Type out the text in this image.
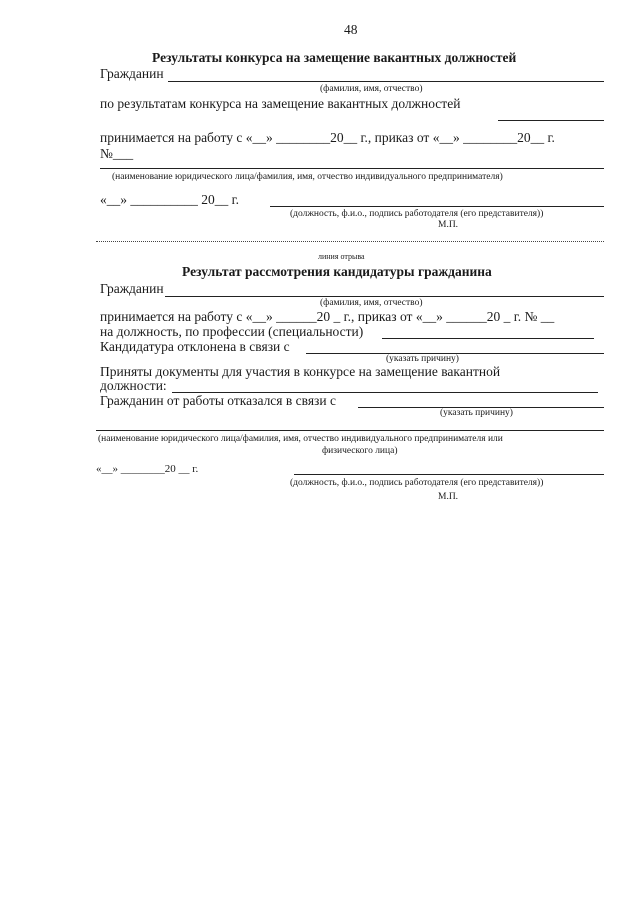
48
Результаты конкурса на замещение вакантных должностей
Гражданин
(фамилия, имя, отчество)
по результатам конкурса на замещение вакантных должностей
принимается на работу с «__» ________20__ г., приказ от «__» ________20__ г.
№___
(наименование юридического лица/фамилия, имя, отчество индивидуального предпринимателя)
«__» __________ 20__ г.
(должность, ф.и.о., подпись работодателя (его представителя))
М.П.
линия отрыва
Результат рассмотрения кандидатуры гражданина
Гражданин
(фамилия, имя, отчество)
принимается на работу с «__» ______20 _ г., приказ от «__» ______20 _ г. № __
на должность, по профессии (специальности)
Кандидатура отклонена в связи с
(указать причину)
Приняты документы для участия в конкурсе на замещение вакантной
должности:
Гражданин от работы отказался в связи с
(указать причину)
(наименование юридического лица/фамилия, имя, отчество индивидуального предпринимателя или
физического лица)
«__» ________20 __ г.
(должность, ф.и.о., подпись работодателя (его представителя))
М.П.
